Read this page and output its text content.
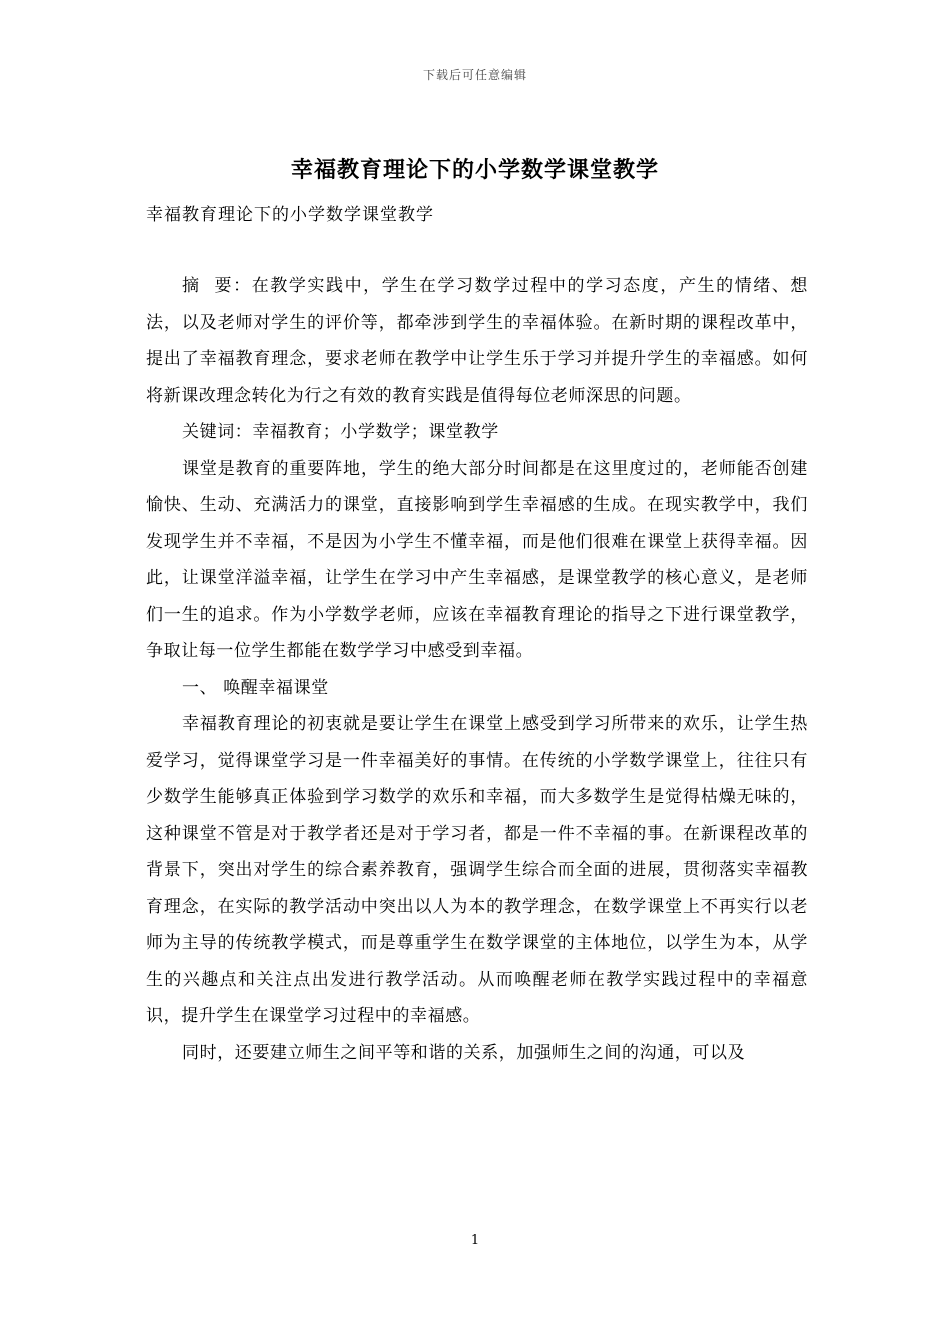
下载后可任意编辑
幸福教育理论下的小学数学课堂教学
幸福教育理论下的小学数学课堂教学

摘  要：在教学实践中，学生在学习数学过程中的学习态度，产生的情绪、想法，以及老师对学生的评价等，都牵涉到学生的幸福体验。在新时期的课程改革中，提出了幸福教育理念，要求老师在教学中让学生乐于学习并提升学生的幸福感。如何将新课改理念转化为行之有效的教育实践是值得每位老师深思的问题。

关键词：幸福教育；小学数学；课堂教学

课堂是教育的重要阵地，学生的绝大部分时间都是在这里度过的，老师能否创建愉快、生动、充满活力的课堂，直接影响到学生幸福感的生成。在现实教学中，我们发现学生并不幸福，不是因为小学生不懂幸福，而是他们很难在课堂上获得幸福。因此，让课堂洋溢幸福，让学生在学习中产生幸福感，是课堂教学的核心意义，是老师们一生的追求。作为小学数学老师，应该在幸福教育理论的指导之下进行课堂教学，争取让每一位学生都能在数学学习中感受到幸福。

一、 唤醒幸福课堂

幸福教育理论的初衷就是要让学生在课堂上感受到学习所带来的欢乐，让学生热爱学习，觉得课堂学习是一件幸福美好的事情。在传统的小学数学课堂上，往往只有少数学生能够真正体验到学习数学的欢乐和幸福，而大多数学生是觉得枯燥无味的，这种课堂不管是对于教学者还是对于学习者，都是一件不幸福的事。在新课程改革的背景下，突出对学生的综合素养教育，强调学生综合而全面的进展，贯彻落实幸福教育理念，在实际的教学活动中突出以人为本的教学理念，在数学课堂上不再实行以老师为主导的传统教学模式，而是尊重学生在数学课堂的主体地位，以学生为本，从学生的兴趣点和关注点出发进行教学活动。从而唤醒老师在教学实践过程中的幸福意识，提升学生在课堂学习过程中的幸福感。

同时，还要建立师生之间平等和谐的关系，加强师生之间的沟通，可以及

1
